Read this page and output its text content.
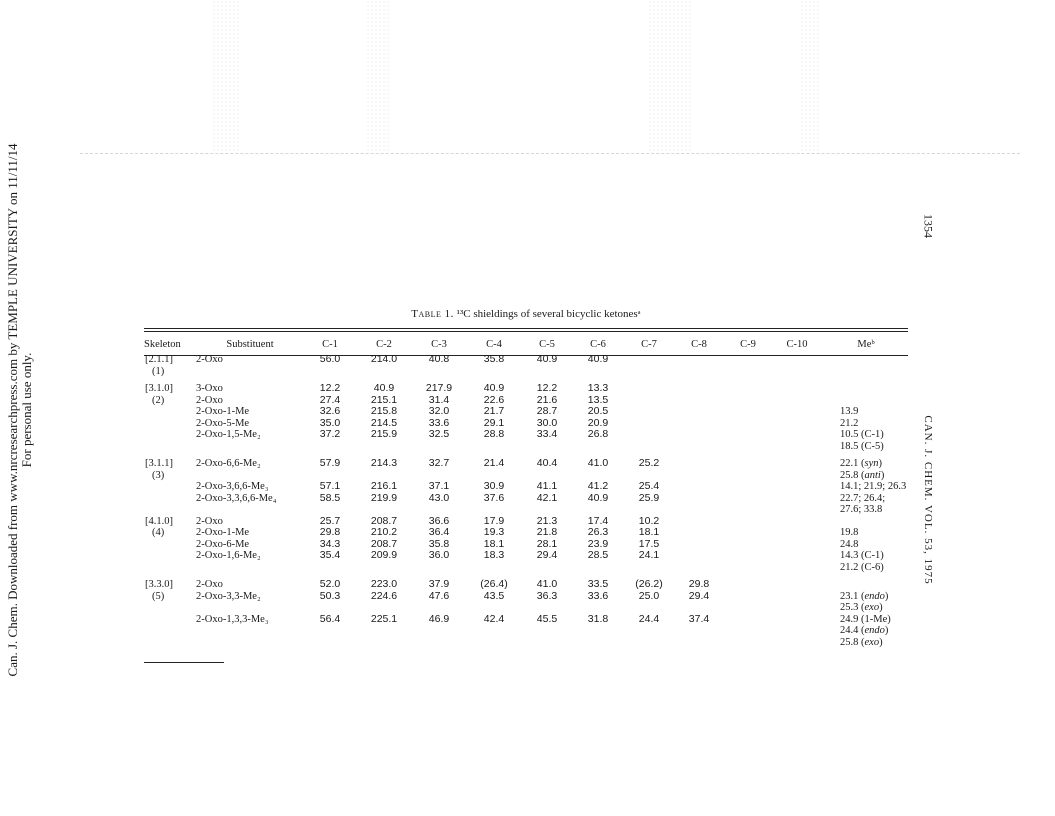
Can. J. Chem. Downloaded from www.nrcresearchpress.com by TEMPLE UNIVERSITY on 11/11/14 For personal use only.
1354
CAN. J. CHEM. VOL. 53, 1975
Table 1. ¹³C shieldings of several bicyclic ketonesᵃ
Skeleton	Substituent	C-1	C-2	C-3	C-4	C-5	C-6	C-7	C-8	C-9	C-10	Meᵇ
[2.1.1]	2-Oxo	56.0	214.0	40.8	35.8	40.9	40.9					
(1)												

[3.1.0]	3-Oxo	12.2	40.9	217.9	40.9	12.2	13.3					
(2)	2-Oxo	27.4	215.1	31.4	22.6	21.6	13.5					
	2-Oxo-1-Me	32.6	215.8	32.0	21.7	28.7	20.5					13.9
	2-Oxo-5-Me	35.0	214.5	33.6	29.1	30.0	20.9					21.2
	2-Oxo-1,5-Me₂	37.2	215.9	32.5	28.8	33.4	26.8					10.5 (C-1)
												18.5 (C-5)

[3.1.1]	2-Oxo-6,6-Me₂	57.9	214.3	32.7	21.4	40.4	41.0	25.2				22.1 (syn)
(3)												25.8 (anti)
	2-Oxo-3,6,6-Me₃	57.1	216.1	37.1	30.9	41.1	41.2	25.4				14.1; 21.9; 26.3
	2-Oxo-3,3,6,6-Me₄	58.5	219.9	43.0	37.6	42.1	40.9	25.9				22.7; 26.4;
												27.6; 33.8
[4.1.0]	2-Oxo	25.7	208.7	36.6	17.9	21.3	17.4	10.2				
(4)	2-Oxo-1-Me	29.8	210.2	36.4	19.3	21.8	26.3	18.1				19.8
	2-Oxo-6-Me	34.3	208.7	35.8	18.1	28.1	23.9	17.5				24.8
	2-Oxo-1,6-Me₂	35.4	209.9	36.0	18.3	29.4	28.5	24.1				14.3 (C-1)
												21.2 (C-6)

[3.3.0]	2-Oxo	52.0	223.0	37.9	(26.4)	41.0	33.5	(26.2)	29.8			
(5)	2-Oxo-3,3-Me₂	50.3	224.6	47.6	43.5	36.3	33.6	25.0	29.4			23.1 (endo)
												25.3 (exo)
	2-Oxo-1,3,3-Me₃	56.4	225.1	46.9	42.4	45.5	31.8	24.4	37.4			24.9 (1-Me)
												24.4 (endo)
												25.8 (exo)
